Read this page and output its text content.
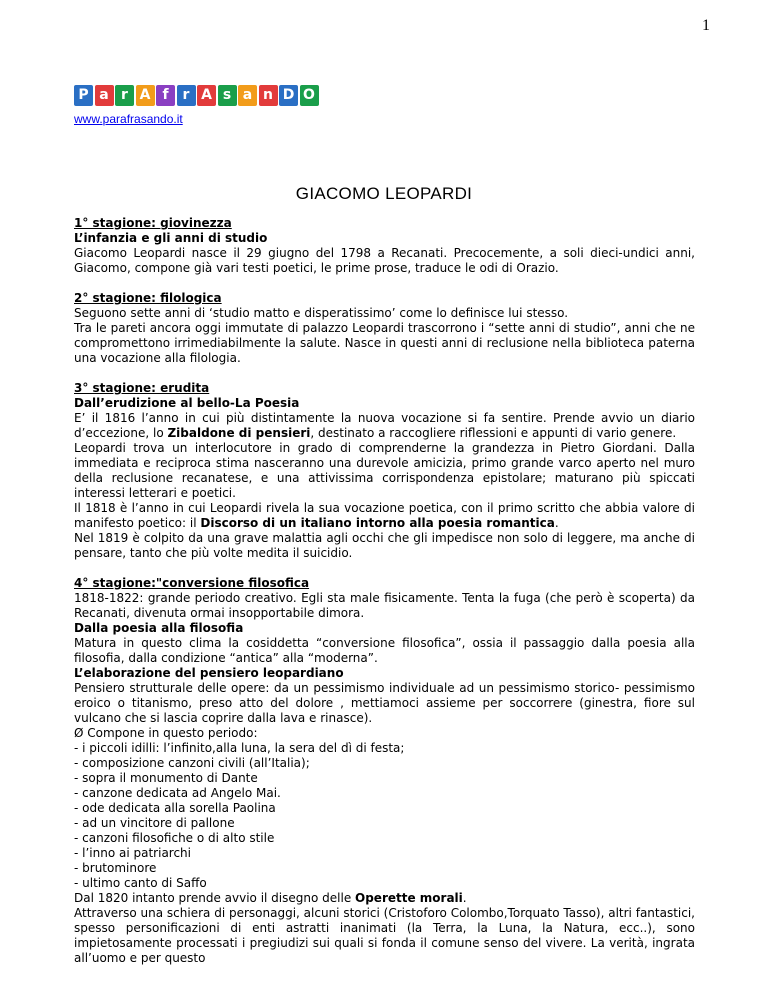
1
P a r A f	r A s a n D O
www.parafrasando.it
GIACOMO LEOPARDI

1° stagione: giovinezza

L’infanzia e gli anni di studio

Giacomo Leopardi nasce il 29 giugno del 1798 a Recanati. Precocemente, a soli dieci-undici anni, Giacomo, compone già vari testi poetici, le prime prose, traduce le odi di Orazio.

2° stagione: filologica

Seguono sette anni di ‘studio matto e disperatissimo’ come lo definisce lui stesso.

Tra le pareti ancora oggi immutate di palazzo Leopardi trascorrono i “sette anni di studio”, anni che ne compromettono irrimediabilmente la salute. Nasce in questi anni di reclusione nella biblioteca paterna una vocazione alla filologia.

3° stagione: erudita

Dall’erudizione al bello-La Poesia

E’ il 1816 l’anno in cui più distintamente la nuova vocazione si fa sentire. Prende avvio un diario d’eccezione, lo Zibaldone di pensieri, destinato a raccogliere riflessioni e appunti di vario genere.

Leopardi trova un interlocutore in grado di comprenderne la grandezza in Pietro Giordani. Dalla immediata e reciproca stima nasceranno una durevole amicizia, primo grande varco aperto nel muro della reclusione recanatese, e una attivissima corrispondenza epistolare; maturano più spiccati interessi letterari e poetici.

Il 1818 è l’anno in cui Leopardi rivela la sua vocazione poetica, con il primo scritto che abbia valore di manifesto poetico: il Discorso di un italiano intorno alla poesia romantica.

Nel 1819 è colpito da una grave malattia agli occhi che gli impedisce non solo di leggere, ma anche di pensare, tanto che più volte medita il suicidio.

4° stagione:"conversione filosofica

1818-1822: grande periodo creativo. Egli sta male fisicamente. Tenta la fuga (che però è scoperta) da Recanati, divenuta ormai insopportabile dimora.

Dalla poesia alla filosofia

Matura in questo clima la cosiddetta “conversione filosofica”, ossia il passaggio dalla poesia alla filosofia, dalla condizione “antica” alla “moderna”.

L’elaborazione del pensiero leopardiano

Pensiero strutturale delle opere: da un pessimismo individuale ad un pessimismo storico- pessimismo eroico o titanismo, preso atto del dolore , mettiamoci assieme per soccorrere (ginestra, fiore sul vulcano che si lascia coprire dalla lava e rinasce).

Ø Compone in questo periodo:

- i piccoli idilli: l’infinito,alla luna, la sera del dì di festa;

- composizione canzoni civili (all’Italia);

- sopra il monumento di Dante

- canzone dedicata ad Angelo Mai.

- ode dedicata alla sorella Paolina

- ad un vincitore di pallone

- canzoni filosofiche o di alto stile

- l’inno ai patriarchi

- brutominore

- ultimo canto di Saffo

Dal 1820 intanto prende avvio il disegno delle Operette morali.

Attraverso una schiera di personaggi, alcuni storici (Cristoforo Colombo,Torquato Tasso), altri fantastici, spesso personificazioni di enti astratti inanimati (la Terra, la Luna, la Natura, ecc..), sono impietosamente processati i pregiudizi sui quali si fonda il comune senso del vivere. La verità, ingrata all’uomo e per questo
